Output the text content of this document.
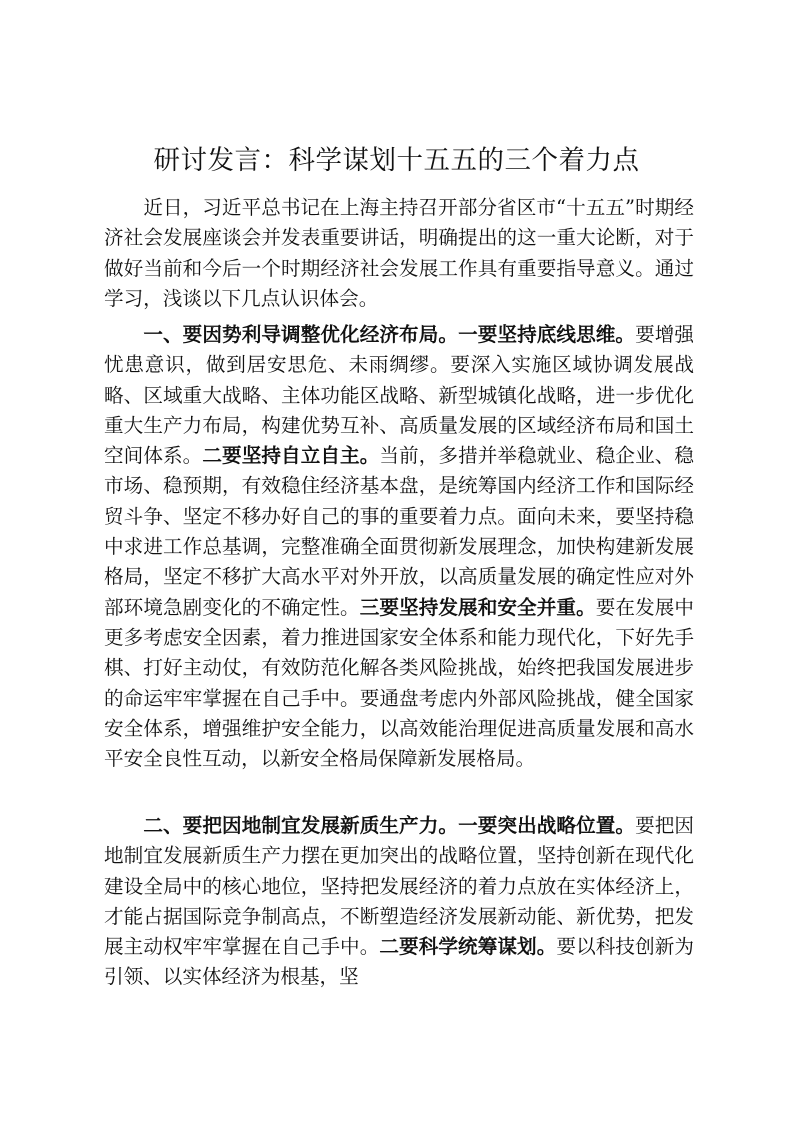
研讨发言：科学谋划十五五的三个着力点

　　近日，习近平总书记在上海主持召开部分省区市“十五五”时期经济社会发展座谈会并发表重要讲话，明确提出的这一重大论断，对于做好当前和今后一个时期经济社会发展工作具有重要指导意义。通过学习，浅谈以下几点认识体会。

　　一、要因势利导调整优化经济布局。一要坚持底线思维。要增强忧患意识，做到居安思危、未雨绸缪。要深入实施区域协调发展战略、区域重大战略、主体功能区战略、新型城镇化战略，进一步优化重大生产力布局，构建优势互补、高质量发展的区域经济布局和国土空间体系。二要坚持自立自主。当前，多措并举稳就业、稳企业、稳市场、稳预期，有效稳住经济基本盘，是统筹国内经济工作和国际经贸斗争、坚定不移办好自己的事的重要着力点。面向未来，要坚持稳中求进工作总基调，完整准确全面贯彻新发展理念，加快构建新发展格局，坚定不移扩大高水平对外开放，以高质量发展的确定性应对外部环境急剧变化的不确定性。三要坚持发展和安全并重。要在发展中更多考虑安全因素，着力推进国家安全体系和能力现代化，下好先手棋、打好主动仗，有效防范化解各类风险挑战，始终把我国发展进步的命运牢牢掌握在自己手中。要通盘考虑内外部风险挑战，健全国家安全体系，增强维护安全能力，以高效能治理促进高质量发展和高水平安全良性互动，以新安全格局保障新发展格局。

　　二、要把因地制宜发展新质生产力。一要突出战略位置。要把因地制宜发展新质生产力摆在更加突出的战略位置，坚持创新在现代化建设全局中的核心地位，坚持把发展经济的着力点放在实体经济上，才能占据国际竞争制高点，不断塑造经济发展新动能、新优势，把发展主动权牢牢掌握在自己手中。二要科学统筹谋划。要以科技创新为引领、以实体经济为根基，坚
